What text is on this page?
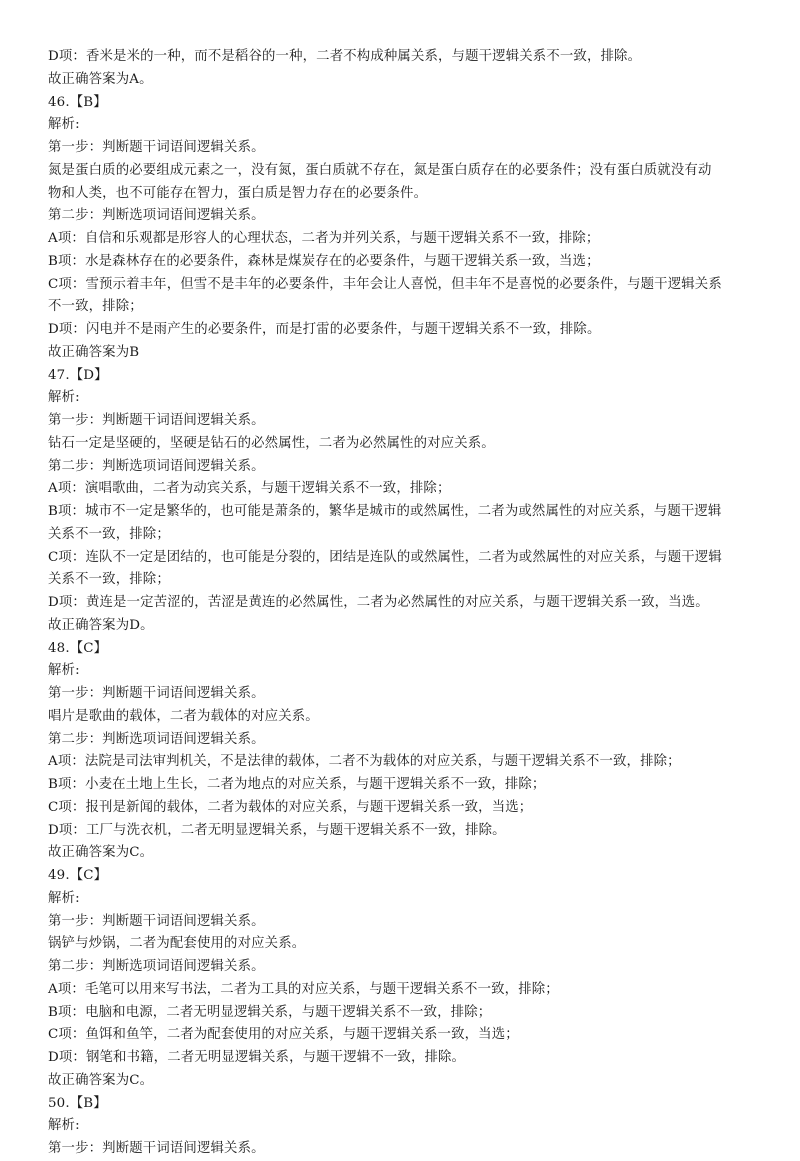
D项：香米是米的一种，而不是稻谷的一种，二者不构成种属关系，与题干逻辑关系不一致，排除。
故正确答案为A。
46.【B】
解析:
第一步：判断题干词语间逻辑关系。
氮是蛋白质的必要组成元素之一，没有氮，蛋白质就不存在，氮是蛋白质存在的必要条件；没有蛋白质就没有动
物和人类，也不可能存在智力，蛋白质是智力存在的必要条件。
第二步：判断选项词语间逻辑关系。
A项：自信和乐观都是形容人的心理状态，二者为并列关系，与题干逻辑关系不一致，排除；
B项：水是森林存在的必要条件，森林是煤炭存在的必要条件，与题干逻辑关系一致，当选；
C项：雪预示着丰年，但雪不是丰年的必要条件，丰年会让人喜悦，但丰年不是喜悦的必要条件，与题干逻辑关系
不一致，排除；
D项：闪电并不是雨产生的必要条件，而是打雷的必要条件，与题干逻辑关系不一致，排除。
故正确答案为B
47.【D】
解析:
第一步：判断题干词语间逻辑关系。
钻石一定是坚硬的，坚硬是钻石的必然属性，二者为必然属性的对应关系。
第二步：判断选项词语间逻辑关系。
A项：演唱歌曲，二者为动宾关系，与题干逻辑关系不一致，排除；
B项：城市不一定是繁华的，也可能是萧条的，繁华是城市的或然属性，二者为或然属性的对应关系，与题干逻辑
关系不一致，排除；
C项：连队不一定是团结的，也可能是分裂的，团结是连队的或然属性，二者为或然属性的对应关系，与题干逻辑
关系不一致，排除；
D项：黄连是一定苦涩的，苦涩是黄连的必然属性，二者为必然属性的对应关系，与题干逻辑关系一致，当选。
故正确答案为D。
48.【C】
解析:
第一步：判断题干词语间逻辑关系。
唱片是歌曲的载体，二者为载体的对应关系。
第二步：判断选项词语间逻辑关系。
A项：法院是司法审判机关，不是法律的载体，二者不为载体的对应关系，与题干逻辑关系不一致，排除；
B项：小麦在土地上生长，二者为地点的对应关系，与题干逻辑关系不一致，排除；
C项：报刊是新闻的载体，二者为载体的对应关系，与题干逻辑关系一致，当选；
D项：工厂与洗衣机，二者无明显逻辑关系，与题干逻辑关系不一致，排除。
故正确答案为C。
49.【C】
解析:
第一步：判断题干词语间逻辑关系。
锅铲与炒锅，二者为配套使用的对应关系。
第二步：判断选项词语间逻辑关系。
A项：毛笔可以用来写书法，二者为工具的对应关系，与题干逻辑关系不一致，排除；
B项：电脑和电源，二者无明显逻辑关系，与题干逻辑关系不一致，排除；
C项：鱼饵和鱼竿，二者为配套使用的对应关系，与题干逻辑关系一致，当选；
D项：钢笔和书籍，二者无明显逻辑关系，与题干逻辑不一致，排除。
故正确答案为C。
50.【B】
解析:
第一步：判断题干词语间逻辑关系。
